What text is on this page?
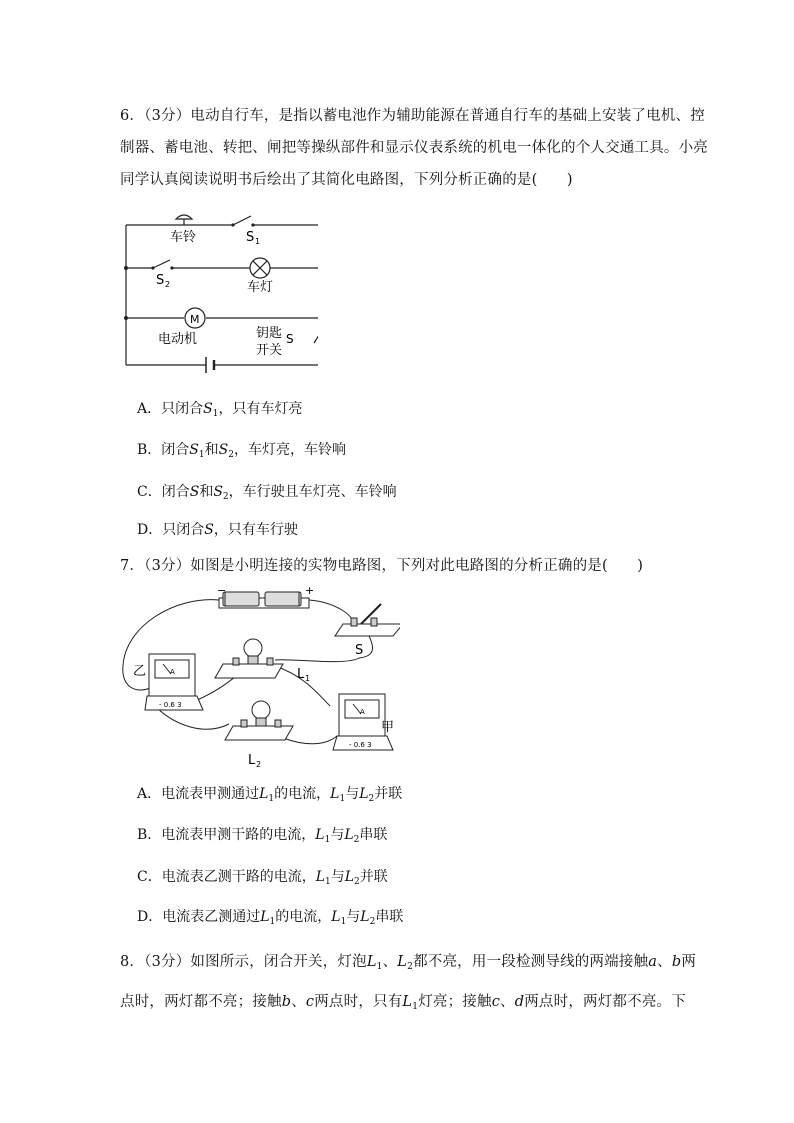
6．（3分）电动自行车，是指以蓄电池作为辅助能源在普通自行车的基础上安装了电机、控
制器、蓄电池、转把、闸把等操纵部件和显示仪表系统的机电一体化的个人交通工具。小亮
同学认真阅读说明书后绘出了其简化电路图，下列分析正确的是(　　)
车铃	S 1
S 2	车灯
M
电动机	钥匙
开关
S
A．只闭合$S_1$，只有车灯亮
B．闭合$S_1$和$S_2$，车灯亮，车铃响
C．闭合S和$S_2$，车行驶且车灯亮、车铃响
D．只闭合S，只有车行驶
7．（3分）如图是小明连接的实物电路图，下列对此电路图的分析正确的是(　　)
−	+
S
乙	A
- 0.6 3
L 1
A
- 0.6 3
甲
L 2
A．电流表甲测通过$L_1$的电流，$L_1$与$L_2$并联
B．电流表甲测干路的电流，$L_1$与$L_2$串联
C．电流表乙测干路的电流，$L_1$与$L_2$并联
D．电流表乙测通过$L_1$的电流，$L_1$与$L_2$串联
8．（3分）如图所示，闭合开关，灯泡$L_1$、$L_2$都不亮，用一段检测导线的两端接触a、b两
点时，两灯都不亮；接触b、c两点时，只有$L_1$灯亮；接触c、d两点时，两灯都不亮。下
